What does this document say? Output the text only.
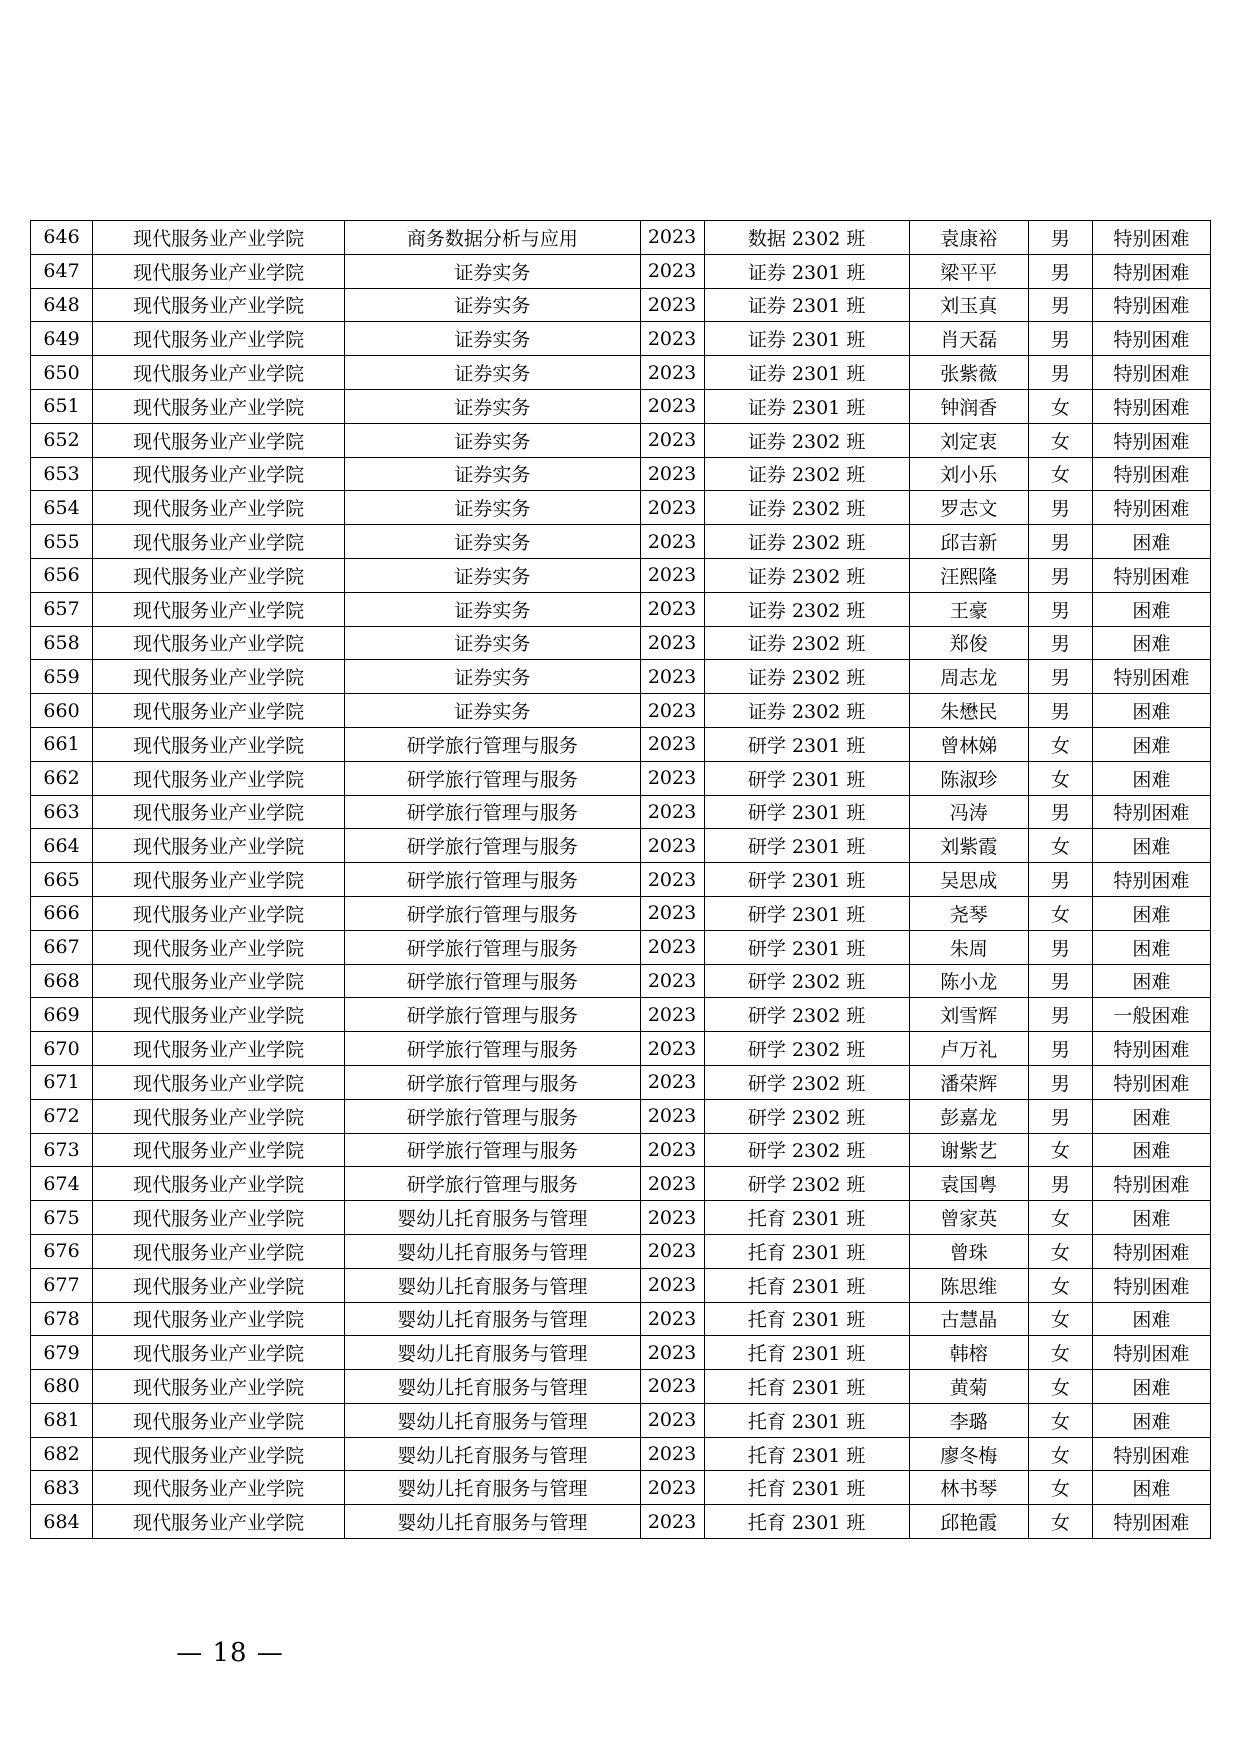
646	现代服务业产业学院	商务数据分析与应用	2023	数据 2302 班	袁康裕	男	特别困难
647	现代服务业产业学院	证券实务	2023	证券 2301 班	梁平平	男	特别困难
648	现代服务业产业学院	证券实务	2023	证券 2301 班	刘玉真	男	特别困难
649	现代服务业产业学院	证券实务	2023	证券 2301 班	肖天磊	男	特别困难
650	现代服务业产业学院	证券实务	2023	证券 2301 班	张紫薇	男	特别困难
651	现代服务业产业学院	证券实务	2023	证券 2301 班	钟润香	女	特别困难
652	现代服务业产业学院	证券实务	2023	证券 2302 班	刘定衷	女	特别困难
653	现代服务业产业学院	证券实务	2023	证券 2302 班	刘小乐	女	特别困难
654	现代服务业产业学院	证券实务	2023	证券 2302 班	罗志文	男	特别困难
655	现代服务业产业学院	证券实务	2023	证券 2302 班	邱吉新	男	困难
656	现代服务业产业学院	证券实务	2023	证券 2302 班	汪熙隆	男	特别困难
657	现代服务业产业学院	证券实务	2023	证券 2302 班	王豪	男	困难
658	现代服务业产业学院	证券实务	2023	证券 2302 班	郑俊	男	困难
659	现代服务业产业学院	证券实务	2023	证券 2302 班	周志龙	男	特别困难
660	现代服务业产业学院	证券实务	2023	证券 2302 班	朱懋民	男	困难
661	现代服务业产业学院	研学旅行管理与服务	2023	研学 2301 班	曾林娣	女	困难
662	现代服务业产业学院	研学旅行管理与服务	2023	研学 2301 班	陈淑珍	女	困难
663	现代服务业产业学院	研学旅行管理与服务	2023	研学 2301 班	冯涛	男	特别困难
664	现代服务业产业学院	研学旅行管理与服务	2023	研学 2301 班	刘紫霞	女	困难
665	现代服务业产业学院	研学旅行管理与服务	2023	研学 2301 班	吴思成	男	特别困难
666	现代服务业产业学院	研学旅行管理与服务	2023	研学 2301 班	尧琴	女	困难
667	现代服务业产业学院	研学旅行管理与服务	2023	研学 2301 班	朱周	男	困难
668	现代服务业产业学院	研学旅行管理与服务	2023	研学 2302 班	陈小龙	男	困难
669	现代服务业产业学院	研学旅行管理与服务	2023	研学 2302 班	刘雪辉	男	一般困难
670	现代服务业产业学院	研学旅行管理与服务	2023	研学 2302 班	卢万礼	男	特别困难
671	现代服务业产业学院	研学旅行管理与服务	2023	研学 2302 班	潘荣辉	男	特别困难
672	现代服务业产业学院	研学旅行管理与服务	2023	研学 2302 班	彭嘉龙	男	困难
673	现代服务业产业学院	研学旅行管理与服务	2023	研学 2302 班	谢紫艺	女	困难
674	现代服务业产业学院	研学旅行管理与服务	2023	研学 2302 班	袁国粤	男	特别困难
675	现代服务业产业学院	婴幼儿托育服务与管理	2023	托育 2301 班	曾家英	女	困难
676	现代服务业产业学院	婴幼儿托育服务与管理	2023	托育 2301 班	曾珠	女	特别困难
677	现代服务业产业学院	婴幼儿托育服务与管理	2023	托育 2301 班	陈思维	女	特别困难
678	现代服务业产业学院	婴幼儿托育服务与管理	2023	托育 2301 班	古慧晶	女	困难
679	现代服务业产业学院	婴幼儿托育服务与管理	2023	托育 2301 班	韩榕	女	特别困难
680	现代服务业产业学院	婴幼儿托育服务与管理	2023	托育 2301 班	黄菊	女	困难
681	现代服务业产业学院	婴幼儿托育服务与管理	2023	托育 2301 班	李璐	女	困难
682	现代服务业产业学院	婴幼儿托育服务与管理	2023	托育 2301 班	廖冬梅	女	特别困难
683	现代服务业产业学院	婴幼儿托育服务与管理	2023	托育 2301 班	林书琴	女	困难
684	现代服务业产业学院	婴幼儿托育服务与管理	2023	托育 2301 班	邱艳霞	女	特别困难
— 18 —
